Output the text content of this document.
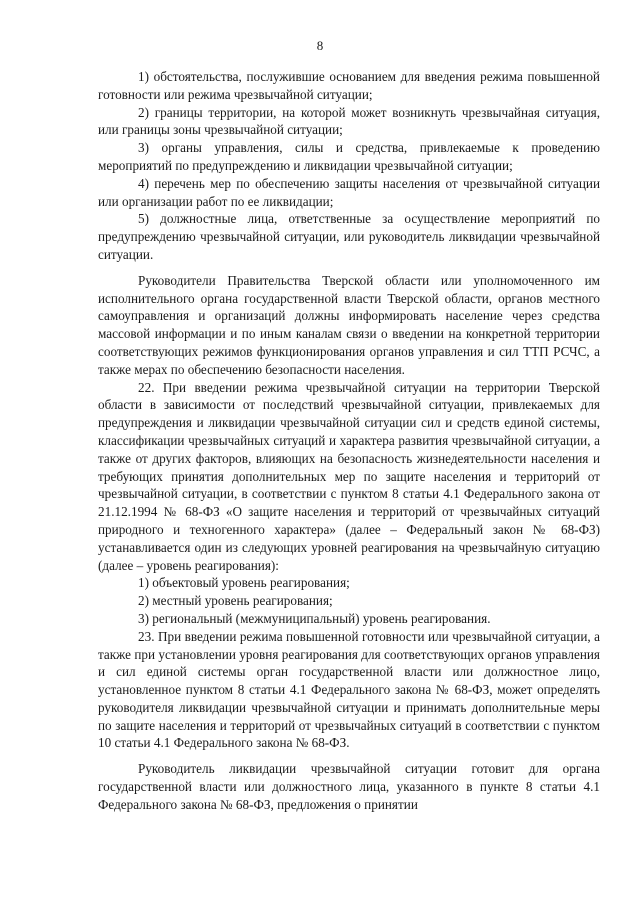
8

1) обстоятельства, послужившие основанием для введения режима повышенной готовности или режима чрезвычайной ситуации;

2) границы территории, на которой может возникнуть чрезвычайная ситуация, или границы зоны чрезвычайной ситуации;

3) органы управления, силы и средства, привлекаемые к проведению мероприятий по предупреждению и ликвидации чрезвычайной ситуации;

4) перечень мер по обеспечению защиты населения от чрезвычайной ситуации или организации работ по ее ликвидации;

5) должностные лица, ответственные за осуществление мероприятий по предупреждению чрезвычайной ситуации, или руководитель ликвидации чрезвычайной ситуации.

Руководители Правительства Тверской области или уполномоченного им исполнительного органа государственной власти Тверской области, органов местного самоуправления и организаций должны информировать население через средства массовой информации и по иным каналам связи о введении на конкретной территории соответствующих режимов функционирования органов управления и сил ТТП РСЧС, а также мерах по обеспечению безопасности населения.

22. При введении режима чрезвычайной ситуации на территории Тверской области в зависимости от последствий чрезвычайной ситуации, привлекаемых для предупреждения и ликвидации чрезвычайной ситуации сил и средств единой системы, классификации чрезвычайных ситуаций и характера развития чрезвычайной ситуации, а также от других факторов, влияющих на безопасность жизнедеятельности населения и требующих принятия дополнительных мер по защите населения и территорий от чрезвычайной ситуации, в соответствии с пунктом 8 статьи 4.1 Федерального закона от 21.12.1994 № 68-ФЗ «О защите населения и территорий от чрезвычайных ситуаций природного и техногенного характера» (далее – Федеральный закон № 68-ФЗ) устанавливается один из следующих уровней реагирования на чрезвычайную ситуацию (далее – уровень реагирования):

1) объектовый уровень реагирования;

2) местный уровень реагирования;

3) региональный (межмуниципальный) уровень реагирования.

23. При введении режима повышенной готовности или чрезвычайной ситуации, а также при установлении уровня реагирования для соответствующих органов управления и сил единой системы орган государственной власти или должностное лицо, установленное пунктом 8 статьи 4.1 Федерального закона № 68-ФЗ, может определять руководителя ликвидации чрезвычайной ситуации и принимать дополнительные меры по защите населения и территорий от чрезвычайных ситуаций в соответствии с пунктом 10 статьи 4.1 Федерального закона № 68-ФЗ.

Руководитель ликвидации чрезвычайной ситуации готовит для органа государственной власти или должностного лица, указанного в пункте 8 статьи 4.1 Федерального закона № 68-ФЗ, предложения о принятии
